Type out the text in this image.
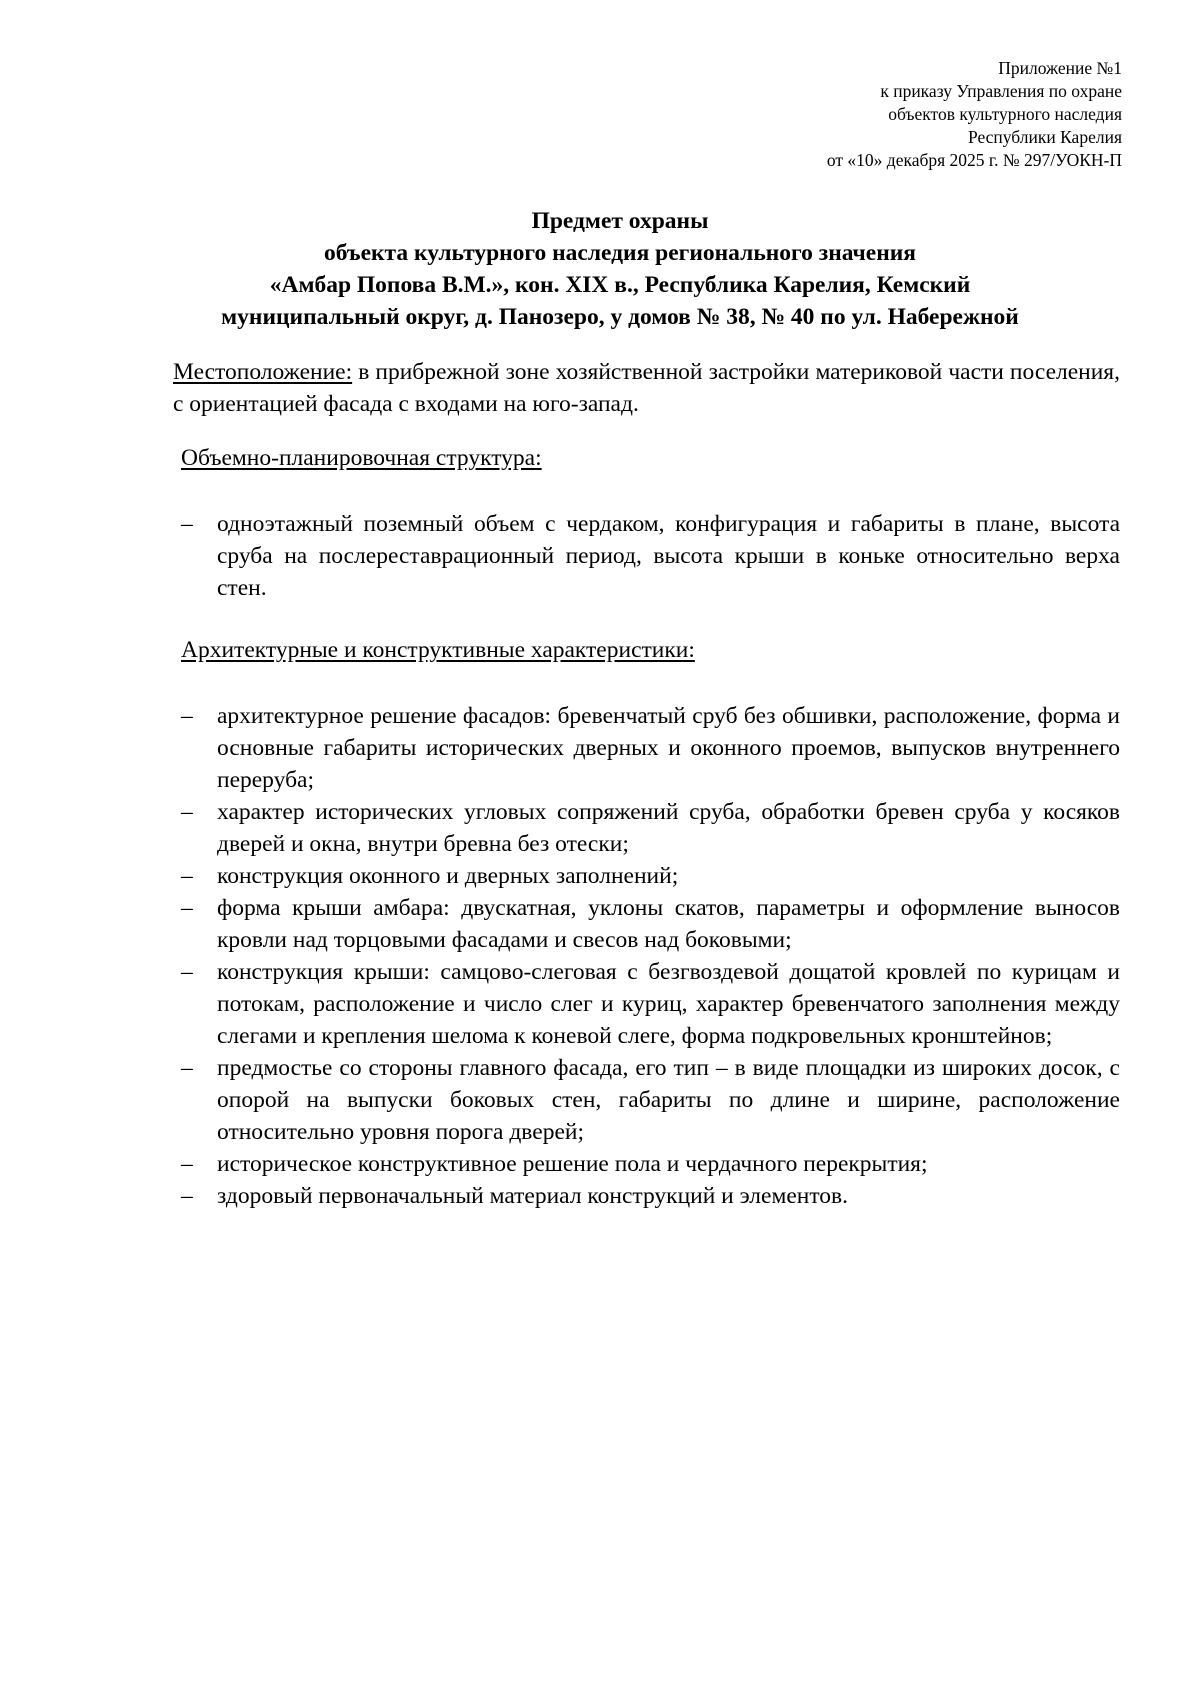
Приложение №1
к приказу Управления по охране
объектов культурного наследия
Республики Карелия
от «10» декабря 2025 г. № 297/УОКН-П
Предмет охраны
объекта культурного наследия регионального значения
«Амбар Попова В.М.», кон. XIX в., Республика Карелия, Кемский
муниципальный округ, д. Панозеро, у домов № 38, № 40 по ул. Набережной

Местоположение: в прибрежной зоне хозяйственной застройки материковой части поселения, с ориентацией фасада с входами на юго-запад.

Объемно-планировочная структура:

– одноэтажный поземный объем с чердаком, конфигурация и габариты в плане, высота сруба на послереставрационный период, высота крыши в коньке относительно верха стен.

Архитектурные и конструктивные характеристики:

– архитектурное решение фасадов: бревенчатый сруб без обшивки, расположение, форма и основные габариты исторических дверных и оконного проемов, выпусков внутреннего переруба;
– характер исторических угловых сопряжений сруба, обработки бревен сруба у косяков дверей и окна, внутри бревна без отески;
– конструкция оконного и дверных заполнений;
– форма крыши амбара: двускатная, уклоны скатов, параметры и оформление выносов кровли над торцовыми фасадами и свесов над боковыми;
– конструкция крыши: самцово-слеговая с безгвоздевой дощатой кровлей по курицам и потокам, расположение и число слег и куриц, характер бревенчатого заполнения между слегами и крепления шелома к коневой слеге, форма подкровельных кронштейнов;
– предмостье со стороны главного фасада, его тип – в виде площадки из широких досок, с опорой на выпуски боковых стен, габариты по длине и ширине, расположение относительно уровня порога дверей;
– историческое конструктивное решение пола и чердачного перекрытия;
– здоровый первоначальный материал конструкций и элементов.
